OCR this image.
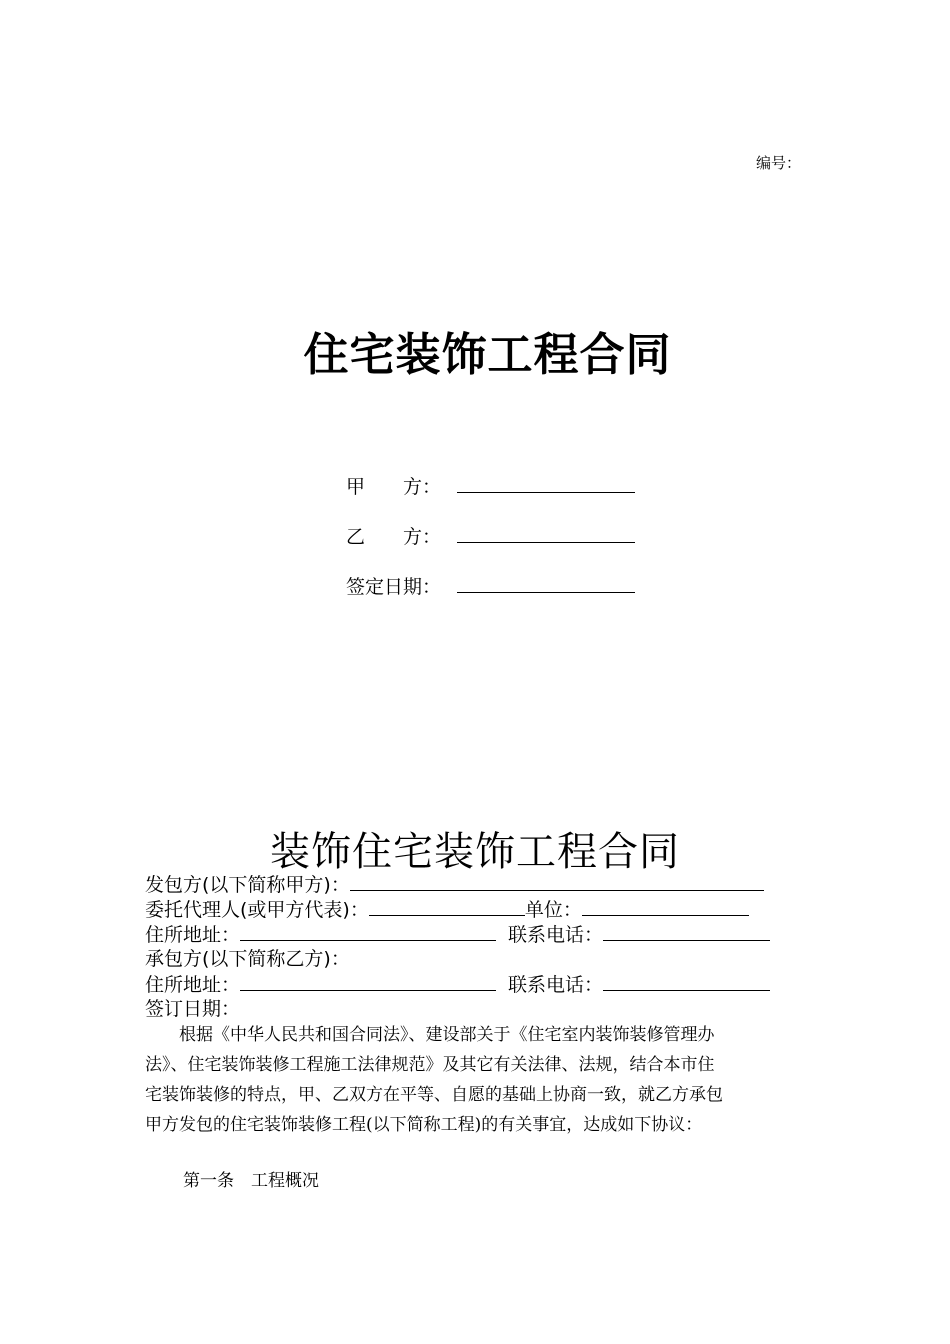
编号：
住宅装饰工程合同
甲　　方：
乙　　方：
签定日期：
装饰住宅装饰工程合同
发包方(以下简称甲方)：
委托代理人(或甲方代表)：	单位：
住所地址：	联系电话：
承包方(以下简称乙方)：
住所地址：	联系电话：
签订日期：

　　根据《中华人民共和国合同法》、建设部关于《住宅室内装饰装修管理办

法》、住宅装饰装修工程施工法律规范》及其它有关法律、法规，结合本市住

宅装饰装修的特点，甲、乙双方在平等、自愿的基础上协商一致，就乙方承包

甲方发包的住宅装饰装修工程(以下简称工程)的有关事宜，达成如下协议：

第一条　工程概况
